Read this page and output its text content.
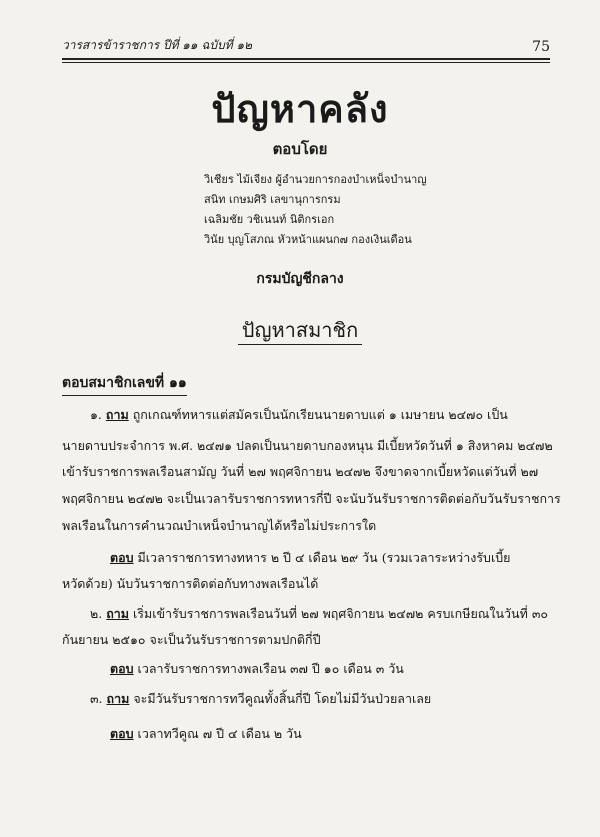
วารสารข้าราชการ ปีที่ ๑๑ ฉบับที่ ๑๒	75
ปัญหาคลัง
ตอบโดย
วิเชียร ไม้เจียง ผู้อำนวยการกองบำเหน็จบำนาญ
สนิท เกษมศิริ เลขานุการกรม
เฉลิมชัย วชิเนนท์ นิติกรเอก
วินัย บุญโสภณ หัวหน้าแผนก๗ กองเงินเดือน
กรมบัญชีกลาง
ปัญหาสมาชิก
ตอบสมาชิกเลขที่ ๑๑
๑. ถาม ถูกเกณฑ์ทหารแต่สมัครเป็นนักเรียนนายดาบแต่ ๑ เมษายน ๒๔๗๐ เป็น
นายดาบประจำการ พ.ศ. ๒๔๗๑ ปลดเป็นนายดาบกองหนุน มีเบี้ยหวัดวันที่ ๑ สิงหาคม ๒๔๗๒
เข้ารับราชการพลเรือนสามัญ วันที่ ๒๗ พฤศจิกายน ๒๔๗๒ จึงขาดจากเบี้ยหวัดแต่วันที่ ๒๗
พฤศจิกายน ๒๔๗๒ จะเป็นเวลารับราชการทหารกี่ปี จะนับวันรับราชการติดต่อกับวันรับราชการ
พลเรือนในการคำนวณบำเหน็จบำนาญได้หรือไม่ประการใด
ตอบ มีเวลาราชการทางทหาร ๒ ปี ๔ เดือน ๒๙ วัน (รวมเวลาระหว่างรับเบี้ย
หวัดด้วย) นับวันราชการติดต่อกับทางพลเรือนได้
๒. ถาม เริ่มเข้ารับราชการพลเรือนวันที่ ๒๗ พฤศจิกายน ๒๔๗๒ ครบเกษียณในวันที่ ๓๐
กันยายน ๒๕๑๐ จะเป็นวันรับราชการตามปกติกี่ปี
ตอบ เวลารับราชการทางพลเรือน ๓๗ ปี ๑๐ เดือน ๓ วัน
๓. ถาม จะมีวันรับราชการทวีคูณทั้งสิ้นกี่ปี โดยไม่มีวันป่วยลาเลย
ตอบ เวลาทวีคูณ ๗ ปี ๔ เดือน ๒ วัน
